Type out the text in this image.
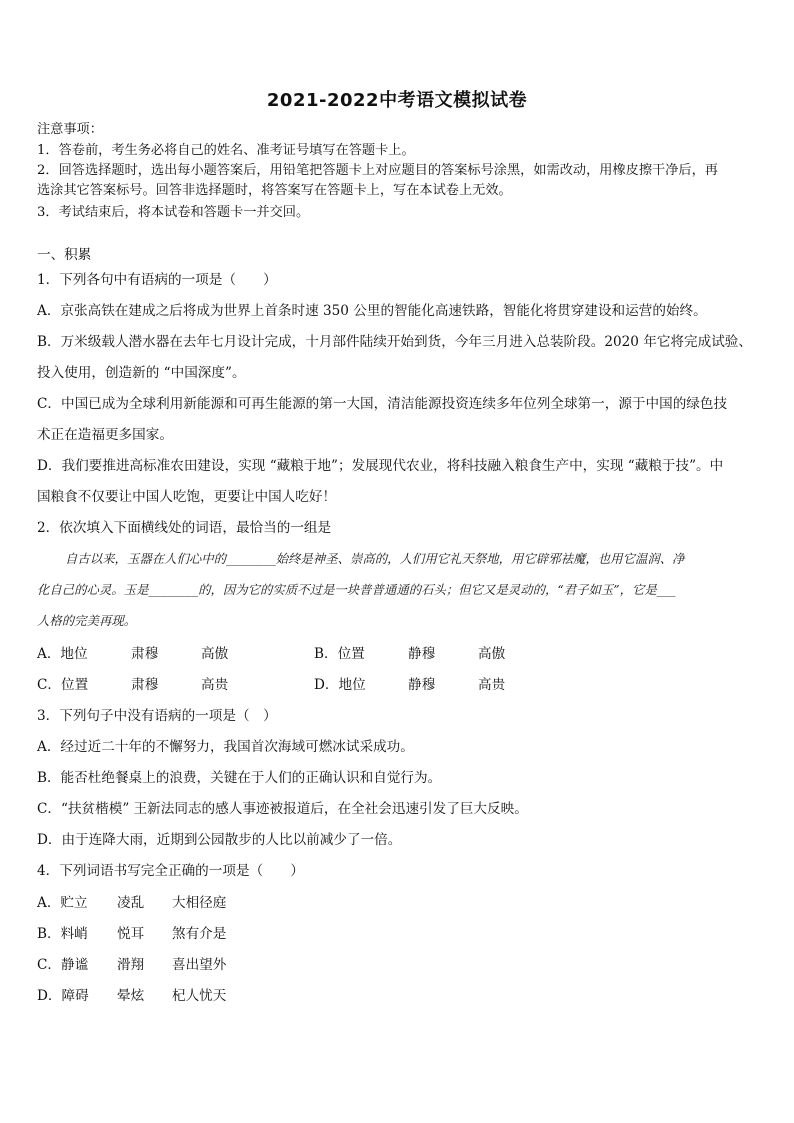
2021-2022中考语文模拟试卷
注意事项：
1．答卷前，考生务必将自己的姓名、准考证号填写在答题卡上。
2．回答选择题时，选出每小题答案后，用铅笔把答题卡上对应题目的答案标号涂黑，如需改动，用橡皮擦干净后，再
选涂其它答案标号。回答非选择题时，将答案写在答题卡上，写在本试卷上无效。
3．考试结束后，将本试卷和答题卡一并交回。
一、积累
1．下列各句中有语病的一项是（　　）
A．京张高铁在建成之后将成为世界上首条时速 350 公里的智能化高速铁路，智能化将贯穿建设和运营的始终。
B．万米级载人潜水器在去年七月设计完成，十月部件陆续开始到货，今年三月进入总装阶段。2020 年它将完成试验、
投入使用，创造新的 “中国深度”。
C．中国已成为全球利用新能源和可再生能源的第一大国，清洁能源投资连续多年位列全球第一，源于中国的绿色技
术正在造福更多国家。
D．我们要推进高标准农田建设，实现 “藏粮于地”；发展现代农业，将科技融入粮食生产中，实现 “藏粮于技”。中
国粮食不仅要让中国人吃饱，更要让中国人吃好！
2．依次填入下面横线处的词语，最恰当的一组是
自古以来，玉器在人们心中的________始终是神圣、崇高的，人们用它礼天祭地，用它辟邪祛魔，也用它温润、净
化自己的心灵。玉是________的，因为它的实质不过是一块普普通通的石头；但它又是灵动的，“君子如玉”，它是___
人格的完美再现。
A．地位	肃穆	高傲	B．位置	静穆	高傲
C．位置	肃穆	高贵	D．地位	静穆	高贵
3．下列句子中没有语病的一项是（　）
A．经过近二十年的不懈努力，我国首次海域可燃冰试采成功。
B．能否杜绝餐桌上的浪费，关键在于人们的正确认识和自觉行为。
C．“扶贫楷模” 王新法同志的感人事迹被报道后，在全社会迅速引发了巨大反映。
D．由于连降大雨，近期到公园散步的人比以前减少了一倍。
4．下列词语书写完全正确的一项是（　　）
A．贮立 凌乱 大相径庭
B．料峭 悦耳 煞有介是
C．静谧 滑翔 喜出望外
D．障碍 晕炫 杞人忧天
